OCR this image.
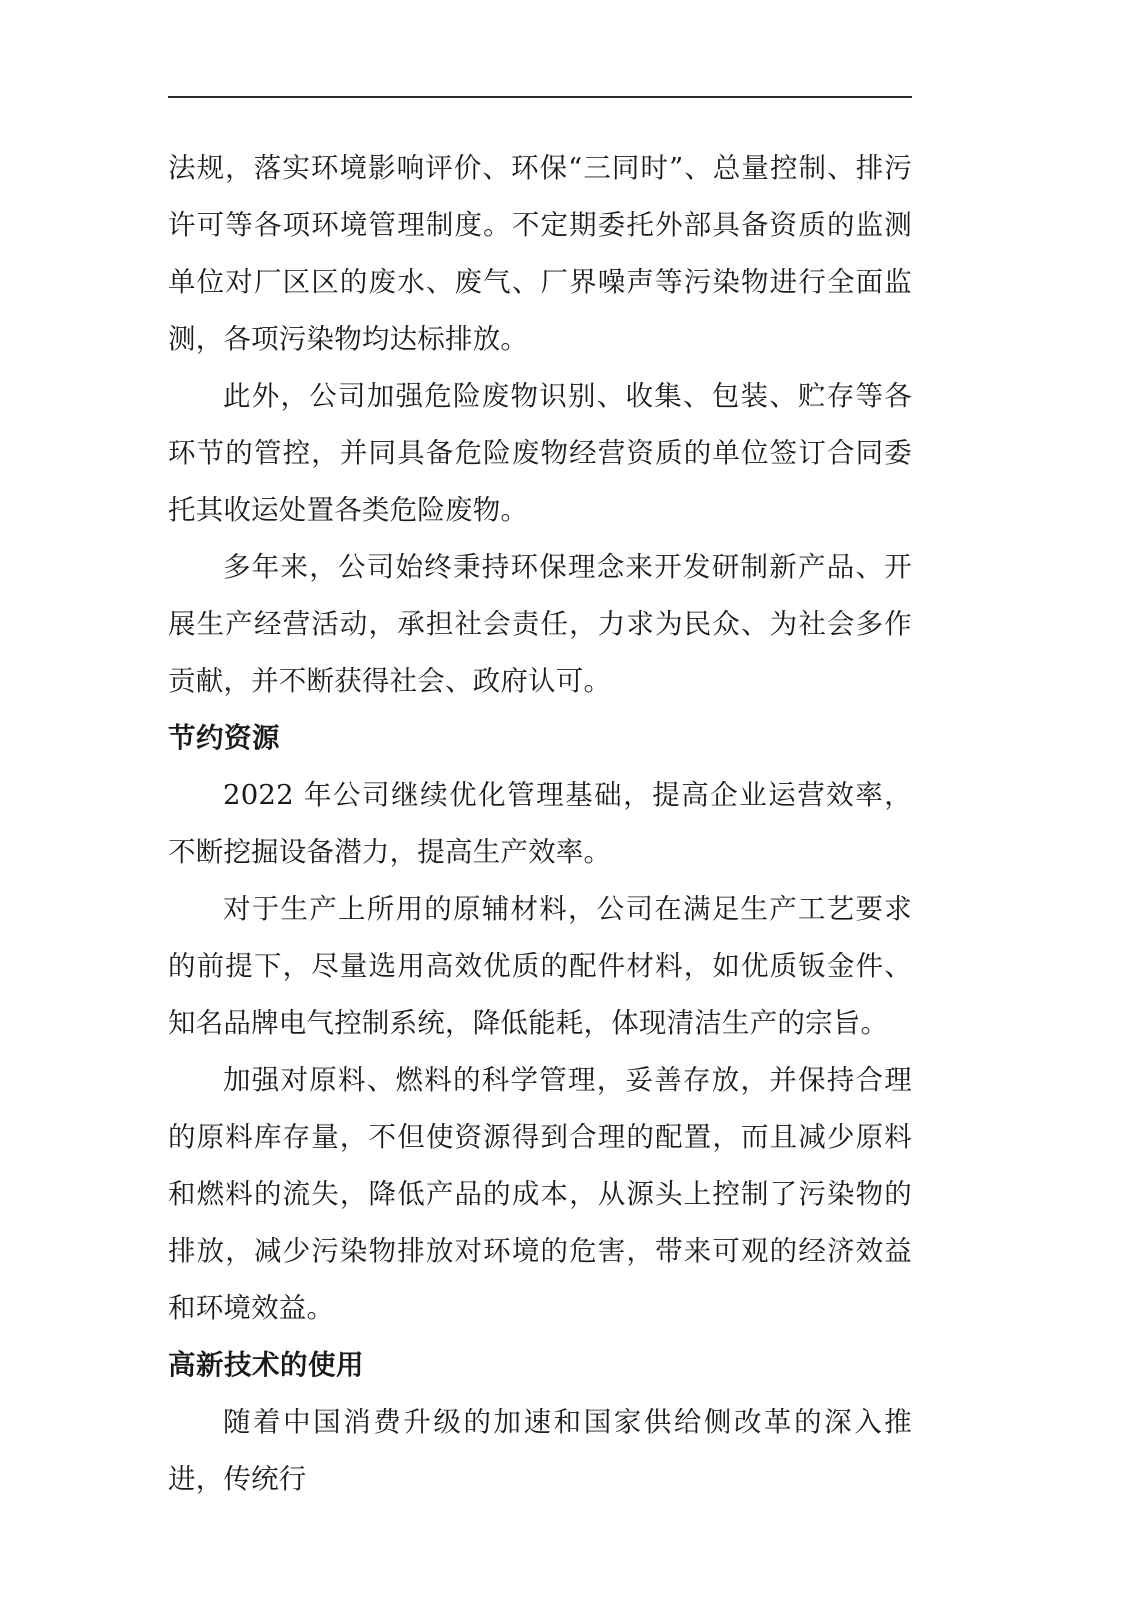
法规，落实环境影响评价、环保“三同时”、总量控制、排污许可等各项环境管理制度。不定期委托外部具备资质的监测单位对厂区区的废水、废气、厂界噪声等污染物进行全面监测，各项污染物均达标排放。

此外，公司加强危险废物识别、收集、包装、贮存等各环节的管控，并同具备危险废物经营资质的单位签订合同委托其收运处置各类危险废物。

多年来，公司始终秉持环保理念来开发研制新产品、开展生产经营活动，承担社会责任，力求为民众、为社会多作贡献，并不断获得社会、政府认可。

节约资源

2022 年公司继续优化管理基础，提高企业运营效率，不断挖掘设备潜力，提高生产效率。

对于生产上所用的原辅材料，公司在满足生产工艺要求的前提下，尽量选用高效优质的配件材料，如优质钣金件、知名品牌电气控制系统，降低能耗，体现清洁生产的宗旨。

加强对原料、燃料的科学管理，妥善存放，并保持合理的原料库存量，不但使资源得到合理的配置，而且减少原料和燃料的流失，降低产品的成本，从源头上控制了污染物的排放，减少污染物排放对环境的危害，带来可观的经济效益和环境效益。

高新技术的使用

随着中国消费升级的加速和国家供给侧改革的深入推进，传统行
